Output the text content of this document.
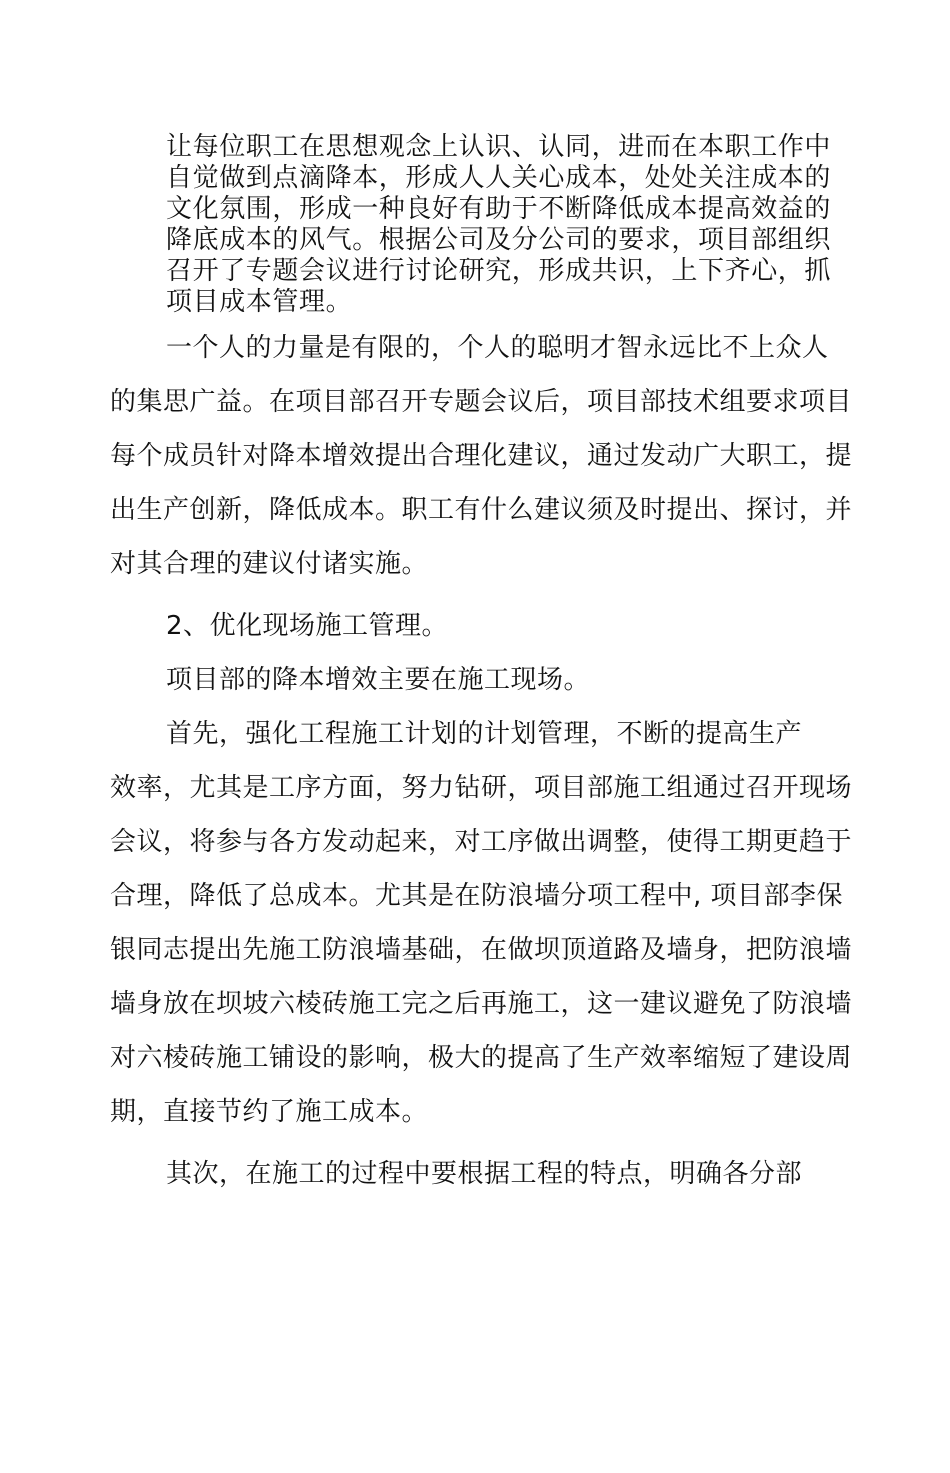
让每位职工在思想观念上认识、认同，进而在本职工作中
自觉做到点滴降本，形成人人关心成本，处处关注成本的
文化氛围，形成一种良好有助于不断降低成本提高效益的
降底成本的风气。根据公司及分公司的要求，项目部组织
召开了专题会议进行讨论研究，形成共识，上下齐心，抓
项目成本管理。
一个人的力量是有限的，个人的聪明才智永远比不上众人
的集思广益。在项目部召开专题会议后，项目部技术组要求项目
每个成员针对降本增效提出合理化建议，通过发动广大职工，提
出生产创新，降低成本。职工有什么建议须及时提出、探讨，并
对其合理的建议付诸实施。
2、优化现场施工管理。
项目部的降本增效主要在施工现场。
首先，强化工程施工计划的计划管理，不断的提高生产
效率，尤其是工序方面，努力钻研，项目部施工组通过召开现场
会议，将参与各方发动起来，对工序做出调整，使得工期更趋于
合理，降低了总成本。尤其是在防浪墙分项工程中, 项目部李保
银同志提出先施工防浪墙基础，在做坝顶道路及墙身，把防浪墙
墙身放在坝坡六棱砖施工完之后再施工，这一建议避免了防浪墙
对六棱砖施工铺设的影响，极大的提高了生产效率缩短了建设周
期，直接节约了施工成本。
其次，在施工的过程中要根据工程的特点，明确各分部
